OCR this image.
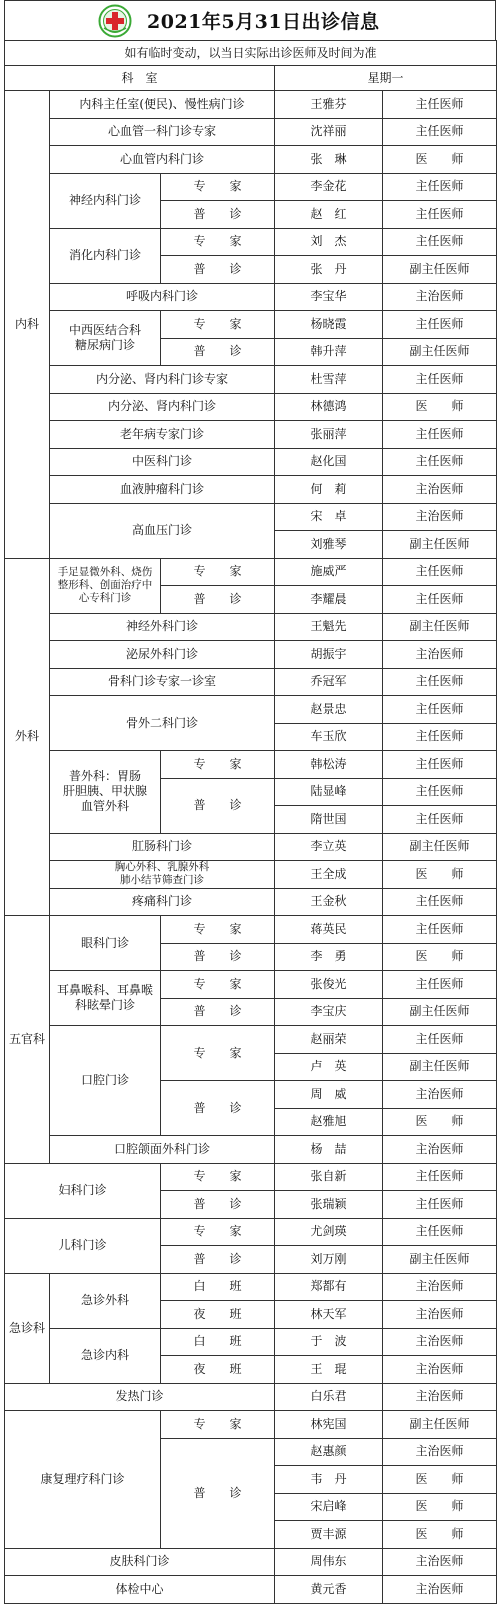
2021年5月31日出诊信息
如有临时变动，以当日实际出诊医师及时间为准				
科　室			星期一	
内科	内科主任室(便民)、慢性病门诊		王雅芬	主任医师
	心血管一科门诊专家		沈祥丽	主任医师
	心血管内科门诊		张　琳	医　　师
	神经内科门诊	专　　家	李金花	主任医师
		普　　诊	赵　红	主任医师
	消化内科门诊	专　　家	刘　杰	主任医师
		普　　诊	张　丹	副主任医师
	呼吸内科门诊		李宝华	主治医师
	中西医结合科
糖尿病门诊	专　　家	杨晓霞	主任医师
		普　　诊	韩升萍	副主任医师
	内分泌、肾内科门诊专家		杜雪萍	主任医师
	内分泌、肾内科门诊		林德鸿	医　　师
	老年病专家门诊		张丽萍	主任医师
	中医科门诊		赵化国	主任医师
	血液肿瘤科门诊		何　莉	主治医师
	高血压门诊		宋　卓	主治医师
			刘雅琴	副主任医师
外科	手足显微外科、烧伤
整形科、创面治疗中
心专科门诊	专　　家	施威严	主任医师
		普　　诊	李耀晨	主任医师
	神经外科门诊		王魁先	副主任医师
	泌尿外科门诊		胡振宇	主治医师
	骨科门诊专家一诊室		乔冠军	主任医师
	骨外二科门诊		赵景忠	主任医师
			车玉欣	主任医师
	普外科：胃肠
肝胆胰、甲状腺
血管外科	专　　家	韩松涛	主任医师
		普　　诊	陆显峰	主任医师
			隋世国	主任医师
	肛肠科门诊		李立英	副主任医师
	胸心外科、乳腺外科
肺小结节筛查门诊		王全成	医　　师
	疼痛科门诊		王金秋	主任医师
五官科	眼科门诊	专　　家	蒋英民	主任医师
		普　　诊	李　勇	医　　师
	耳鼻喉科、耳鼻喉
科眩晕门诊	专　　家	张俊光	主任医师
		普　　诊	李宝庆	副主任医师
	口腔门诊	专　　家	赵丽荣	主任医师
			卢　英	副主任医师
		普　　诊	周　威	主治医师
			赵雅旭	医　　师
	口腔颌面外科门诊		杨　喆	主治医师
妇科门诊		专　　家	张自新	主任医师
		普　　诊	张瑞颖	主任医师
儿科门诊		专　　家	尤剑瑛	主任医师
		普　　诊	刘万刚	副主任医师
急诊科	急诊外科	白　　班	郑都有	主治医师
		夜　　班	林天军	主治医师
	急诊内科	白　　班	于　波	主治医师
		夜　　班	王　琨	主治医师
发热门诊			白乐君	主治医师
康复理疗科门诊		专　　家	林宪国	副主任医师
		普　　诊	赵惠颜	主治医师
			韦　丹	医　　师
			宋启峰	医　　师
			贾丰源	医　　师
皮肤科门诊			周伟东	主治医师
体检中心			黄元香	主治医师
